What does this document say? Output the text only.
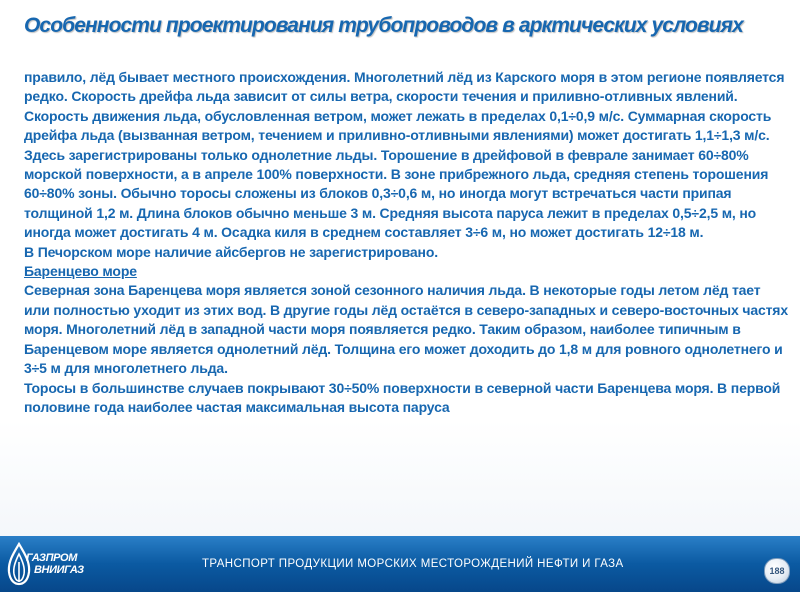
Особенности проектирования трубопроводов в арктических условиях

правило, лёд бывает местного происхождения. Многолетний лёд из Карского моря в этом регионе появляется редко. Скорость дрейфа льда зависит от силы ветра, скорости течения и приливно-отливных явлений. Скорость движения льда, обусловленная ветром, может лежать в пределах 0,1÷0,9 м/с. Суммарная скорость дрейфа льда (вызванная ветром, течением и приливно-отливными явлениями) может достигать 1,1÷1,3 м/с.

Здесь зарегистрированы только однолетние льды. Торошение в дрейфовой в феврале занимает 60÷80% морской поверхности, а в апреле 100% поверхности. В зоне прибрежного льда, средняя степень торошения 60÷80% зоны. Обычно торосы сложены из блоков 0,3÷0,6 м, но иногда могут встречаться части припая толщиной 1,2 м. Длина блоков обычно меньше 3 м. Средняя высота паруса лежит в пределах 0,5÷2,5 м, но иногда может достигать 4 м. Осадка киля в среднем составляет 3÷6 м, но может достигать 12÷18 м.

В Печорском море наличие айсбергов не зарегистрировано.

Баренцево море

Северная зона Баренцева моря является зоной сезонного наличия льда. В некоторые годы летом лёд тает или полностью уходит из этих вод. В другие годы лёд остаётся в северо-западных и северо-восточных частях моря. Многолетний лёд в западной части моря появляется редко. Таким образом, наиболее типичным в Баренцевом море является однолетний лёд. Толщина его может доходить до 1,8 м для ровного однолетнего и 3÷5 м для многолетнего льда.

Торосы в большинстве случаев покрывают 30÷50% поверхности в северной части Баренцева моря. В первой половине года наиболее частая максимальная высота паруса

ГАЗПРОМ
ВНИИГАЗ	ТРАНСПОРТ ПРОДУКЦИИ МОРСКИХ МЕСТОРОЖДЕНИЙ НЕФТИ И ГАЗА
188
